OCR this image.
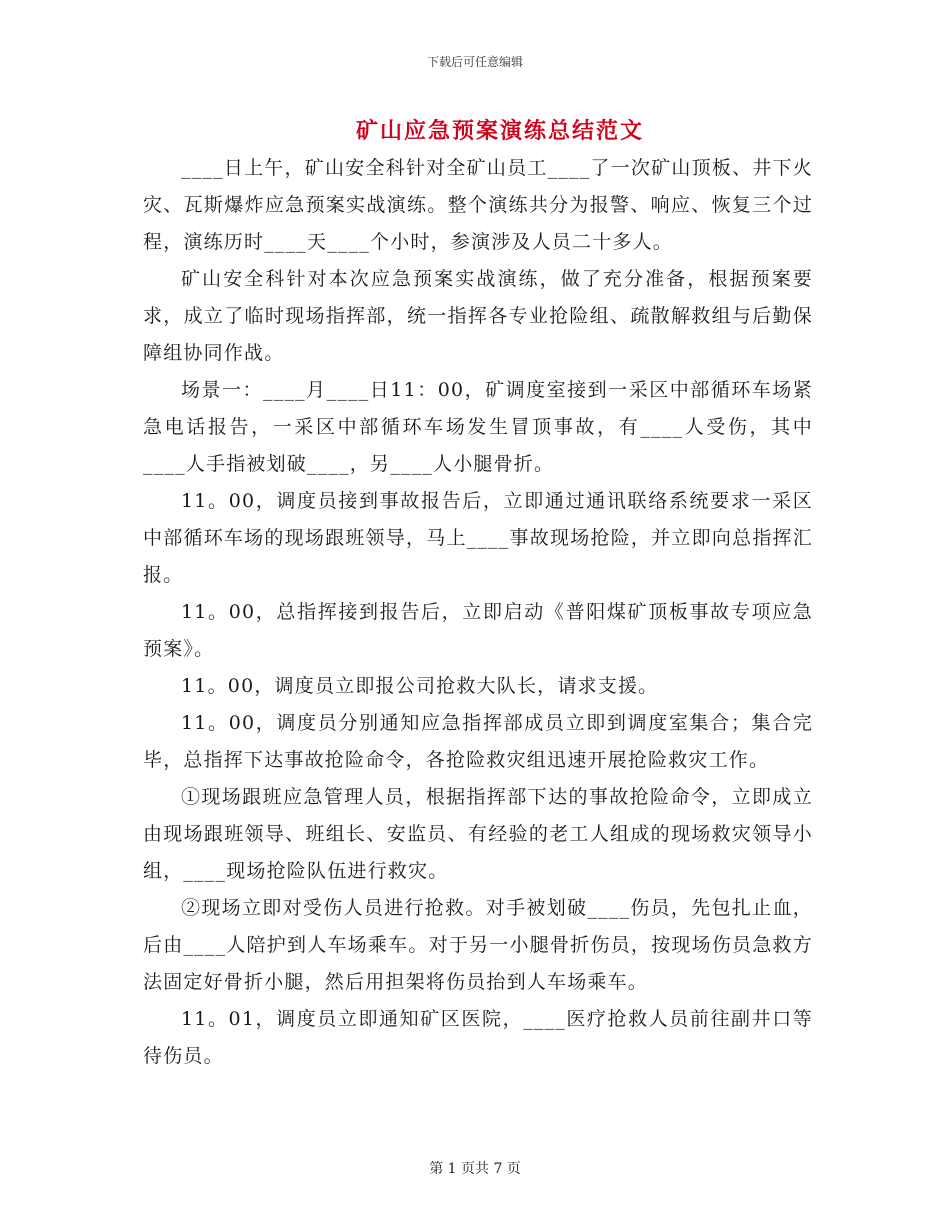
下载后可任意编辑
矿山应急预案演练总结范文

____日上午，矿山安全科针对全矿山员工____了一次矿山顶板、井下火灾、瓦斯爆炸应急预案实战演练。整个演练共分为报警、响应、恢复三个过程，演练历时____天____个小时，参演涉及人员二十多人。

矿山安全科针对本次应急预案实战演练，做了充分准备，根据预案要求，成立了临时现场指挥部，统一指挥各专业抢险组、疏散解救组与后勤保障组协同作战。

场景一：____月____日11：00，矿调度室接到一采区中部循环车场紧急电话报告，一采区中部循环车场发生冒顶事故，有____人受伤，其中____人手指被划破____，另____人小腿骨折。

11。00，调度员接到事故报告后，立即通过通讯联络系统要求一采区中部循环车场的现场跟班领导，马上____事故现场抢险，并立即向总指挥汇报。

11。00，总指挥接到报告后，立即启动《普阳煤矿顶板事故专项应急预案》。

11。00，调度员立即报公司抢救大队长，请求支援。

11。00，调度员分别通知应急指挥部成员立即到调度室集合；集合完毕，总指挥下达事故抢险命令，各抢险救灾组迅速开展抢险救灾工作。

①现场跟班应急管理人员，根据指挥部下达的事故抢险命令，立即成立由现场跟班领导、班组长、安监员、有经验的老工人组成的现场救灾领导小组，____现场抢险队伍进行救灾。

②现场立即对受伤人员进行抢救。对手被划破____伤员，先包扎止血，后由____人陪护到人车场乘车。对于另一小腿骨折伤员，按现场伤员急救方法固定好骨折小腿，然后用担架将伤员抬到人车场乘车。

11。01，调度员立即通知矿区医院，____医疗抢救人员前往副井口等待伤员。

第 1 页共 7 页
